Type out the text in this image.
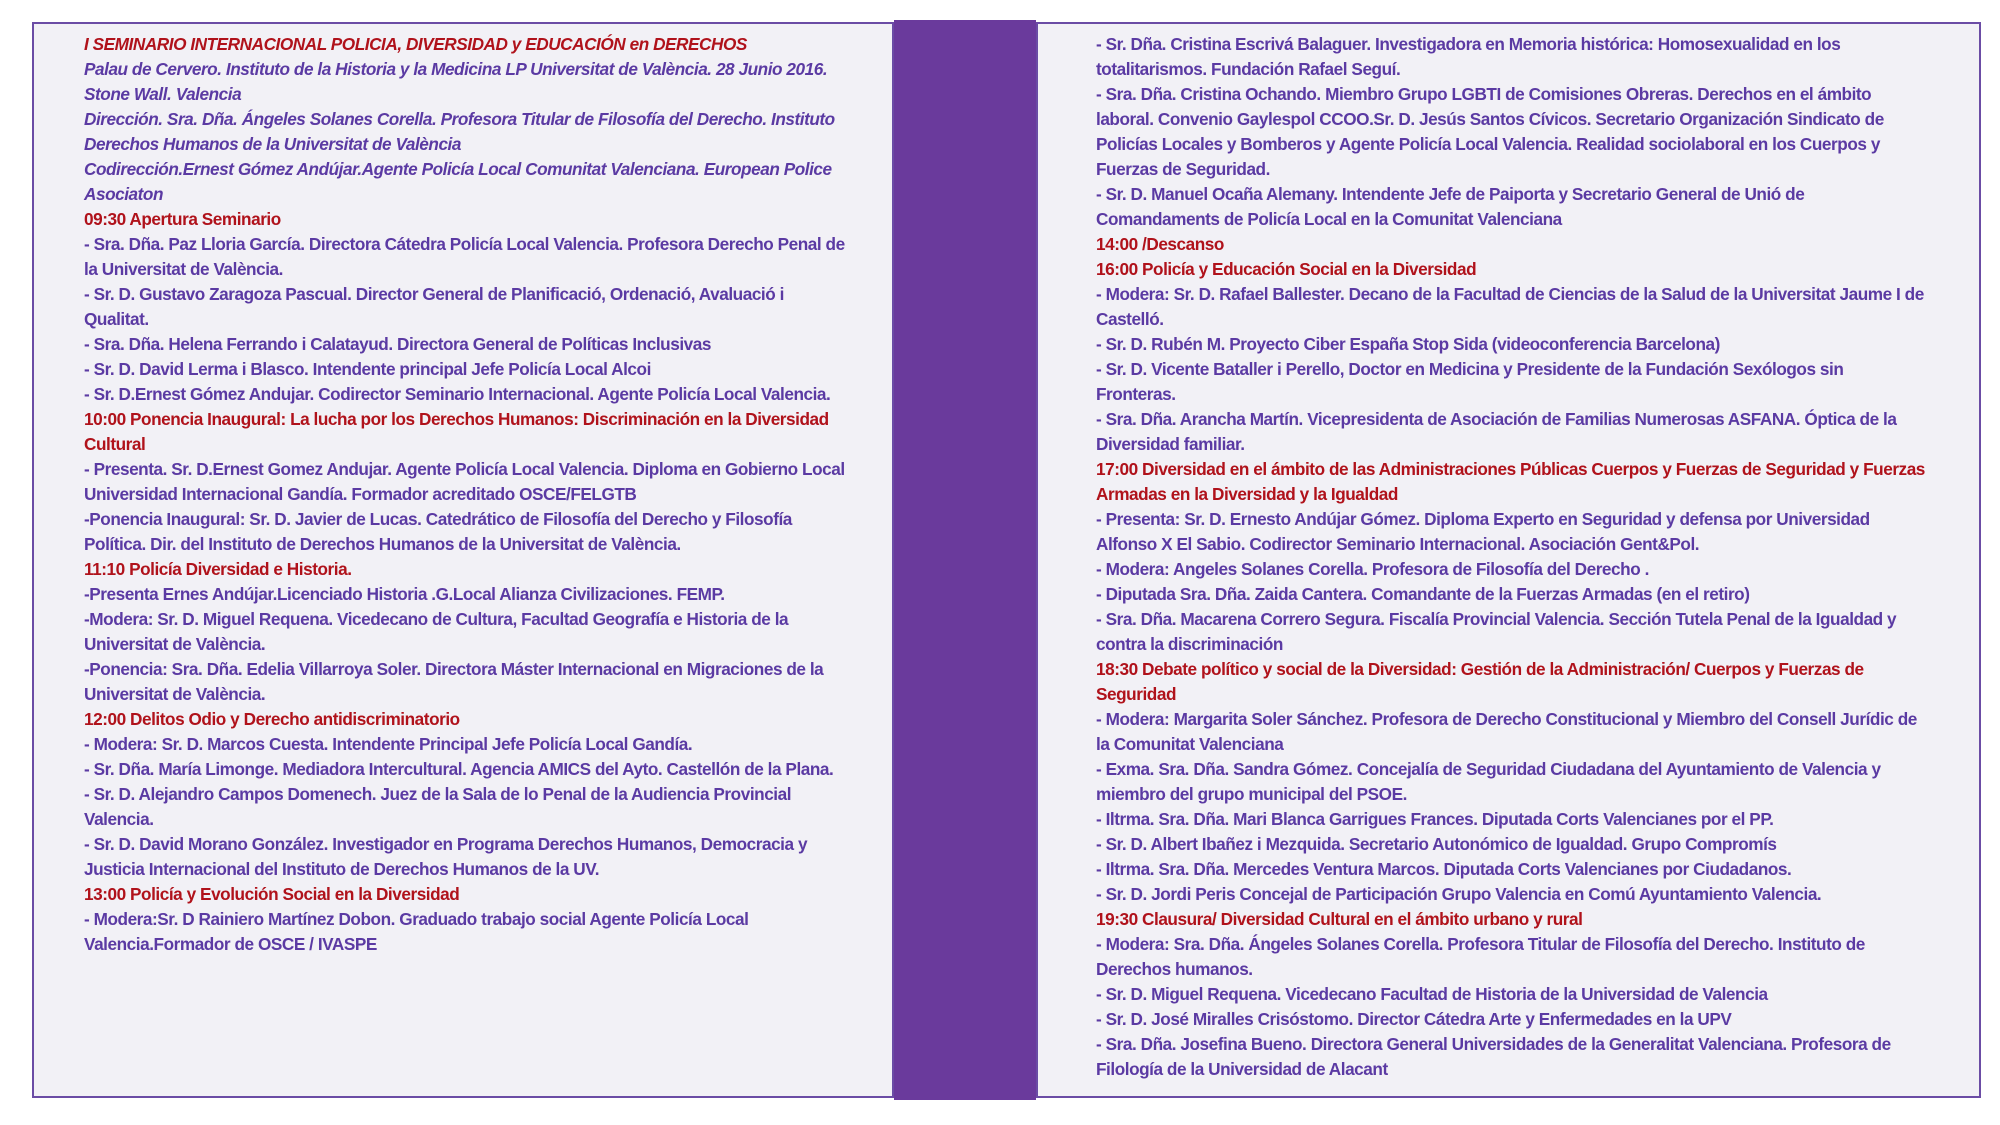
I SEMINARIO INTERNACIONAL POLICIA, DIVERSIDAD y EDUCACIÓN en DERECHOS

Palau de Cervero. Instituto de la Historia y la Medicina LP Universitat de València. 28 Junio 2016. Stone Wall. Valencia

Dirección. Sra. Dña. Ángeles Solanes Corella. Profesora Titular de Filosofía del Derecho. Instituto Derechos Humanos de la Universitat de València

Codirección.Ernest Gómez Andújar.Agente Policía Local Comunitat Valenciana. European Police Asociaton

09:30 Apertura Seminario

- Sra. Dña. Paz Lloria García. Directora Cátedra Policía Local Valencia. Profesora Derecho Penal de la Universitat de València.

- Sr. D. Gustavo Zaragoza Pascual. Director General de Planificació, Ordenació, Avaluació i Qualitat.

- Sra. Dña. Helena Ferrando i Calatayud. Directora General de Políticas Inclusivas

- Sr. D. David Lerma i Blasco. Intendente principal Jefe Policía Local Alcoi

- Sr. D.Ernest Gómez Andujar. Codirector Seminario Internacional. Agente Policía Local Valencia.

10:00 Ponencia Inaugural: La lucha por los Derechos Humanos: Discriminación en la Diversidad Cultural

- Presenta. Sr. D.Ernest Gomez Andujar. Agente Policía Local Valencia. Diploma en Gobierno Local Universidad Internacional Gandía. Formador acreditado OSCE/FELGTB

-Ponencia Inaugural: Sr. D. Javier de Lucas. Catedrático de Filosofía del Derecho y Filosofía Política. Dir. del Instituto de Derechos Humanos de la Universitat de València.

11:10 Policía Diversidad e Historia.

-Presenta Ernes Andújar.Licenciado Historia .G.Local Alianza Civilizaciones. FEMP.

-Modera: Sr. D. Miguel Requena. Vicedecano de Cultura, Facultad Geografía e Historia de la Universitat de València.

-Ponencia: Sra. Dña. Edelia Villarroya Soler. Directora Máster Internacional en Migraciones de la Universitat de València.

12:00 Delitos Odio y Derecho antidiscriminatorio

- Modera: Sr. D. Marcos Cuesta. Intendente Principal Jefe Policía Local Gandía.

- Sr. Dña. María Limonge. Mediadora Intercultural. Agencia AMICS del Ayto. Castellón de la Plana.

- Sr. D. Alejandro Campos Domenech. Juez de la Sala de lo Penal de la Audiencia Provincial Valencia.

- Sr. D. David Morano González. Investigador en Programa Derechos Humanos, Democracia y Justicia Internacional del Instituto de Derechos Humanos de la UV.

13:00 Policía y Evolución Social en la Diversidad

- Modera:Sr. D Rainiero Martínez Dobon. Graduado trabajo social Agente Policía Local Valencia.Formador de OSCE / IVASPE

- Sr. Dña. Cristina Escrivá Balaguer. Investigadora en Memoria histórica: Homosexualidad en los totalitarismos. Fundación Rafael Seguí.

- Sra. Dña. Cristina Ochando. Miembro Grupo LGBTI de Comisiones Obreras. Derechos en el ámbito laboral. Convenio Gaylespol CCOO.Sr. D. Jesús Santos Cívicos. Secretario Organización Sindicato de Policías Locales y Bomberos y Agente Policía Local Valencia. Realidad sociolaboral en los Cuerpos y Fuerzas de Seguridad.

- Sr. D. Manuel Ocaña Alemany. Intendente Jefe de Paiporta y Secretario General de Unió de Comandaments de Policía Local en la Comunitat Valenciana

14:00 /Descanso

16:00 Policía y Educación Social en la Diversidad

- Modera: Sr. D. Rafael Ballester. Decano de la Facultad de Ciencias de la Salud de la Universitat Jaume I de Castelló.

- Sr. D. Rubén M. Proyecto Ciber España Stop Sida (videoconferencia Barcelona)

- Sr. D. Vicente Bataller i Perello, Doctor en Medicina y Presidente de la Fundación Sexólogos sin Fronteras.

- Sra. Dña. Arancha Martín. Vicepresidenta de Asociación de Familias Numerosas ASFANA. Óptica de la Diversidad familiar.

17:00 Diversidad en el ámbito de las Administraciones Públicas Cuerpos y Fuerzas de Seguridad y Fuerzas Armadas en la Diversidad y la Igualdad

- Presenta: Sr. D. Ernesto Andújar Gómez. Diploma Experto en Seguridad y defensa por Universidad Alfonso X El Sabio. Codirector Seminario Internacional. Asociación Gent&Pol.

- Modera: Angeles Solanes Corella. Profesora de Filosofía del Derecho .

- Diputada Sra. Dña. Zaida Cantera. Comandante de la Fuerzas Armadas (en el retiro)

- Sra. Dña. Macarena Correro Segura. Fiscalía Provincial Valencia. Sección Tutela Penal de la Igualdad y contra la discriminación

18:30 Debate político y social de la Diversidad: Gestión de la Administración/ Cuerpos y Fuerzas de Seguridad

- Modera: Margarita Soler Sánchez. Profesora de Derecho Constitucional y Miembro del Consell Jurídic de la Comunitat Valenciana

- Exma. Sra. Dña. Sandra Gómez. Concejalía de Seguridad Ciudadana del Ayuntamiento de Valencia y miembro del grupo municipal del PSOE.

- Iltrma. Sra. Dña. Mari Blanca Garrigues Frances. Diputada Corts Valencianes por el PP.

- Sr. D. Albert Ibañez i Mezquida. Secretario Autonómico de Igualdad. Grupo Compromís

- Iltrma. Sra. Dña. Mercedes Ventura Marcos. Diputada Corts Valencianes por Ciudadanos.

- Sr. D. Jordi Peris Concejal de Participación Grupo Valencia en Comú Ayuntamiento Valencia.

19:30 Clausura/ Diversidad Cultural en el ámbito urbano y rural

- Modera: Sra. Dña. Ángeles Solanes Corella. Profesora Titular de Filosofía del Derecho. Instituto de Derechos humanos.

- Sr. D. Miguel Requena. Vicedecano Facultad de Historia de la Universidad de Valencia

- Sr. D. José Miralles Crisóstomo. Director Cátedra Arte y Enfermedades en la UPV

- Sra. Dña. Josefina Bueno. Directora General Universidades de la Generalitat Valenciana. Profesora de Filología de la Universidad de Alacant
